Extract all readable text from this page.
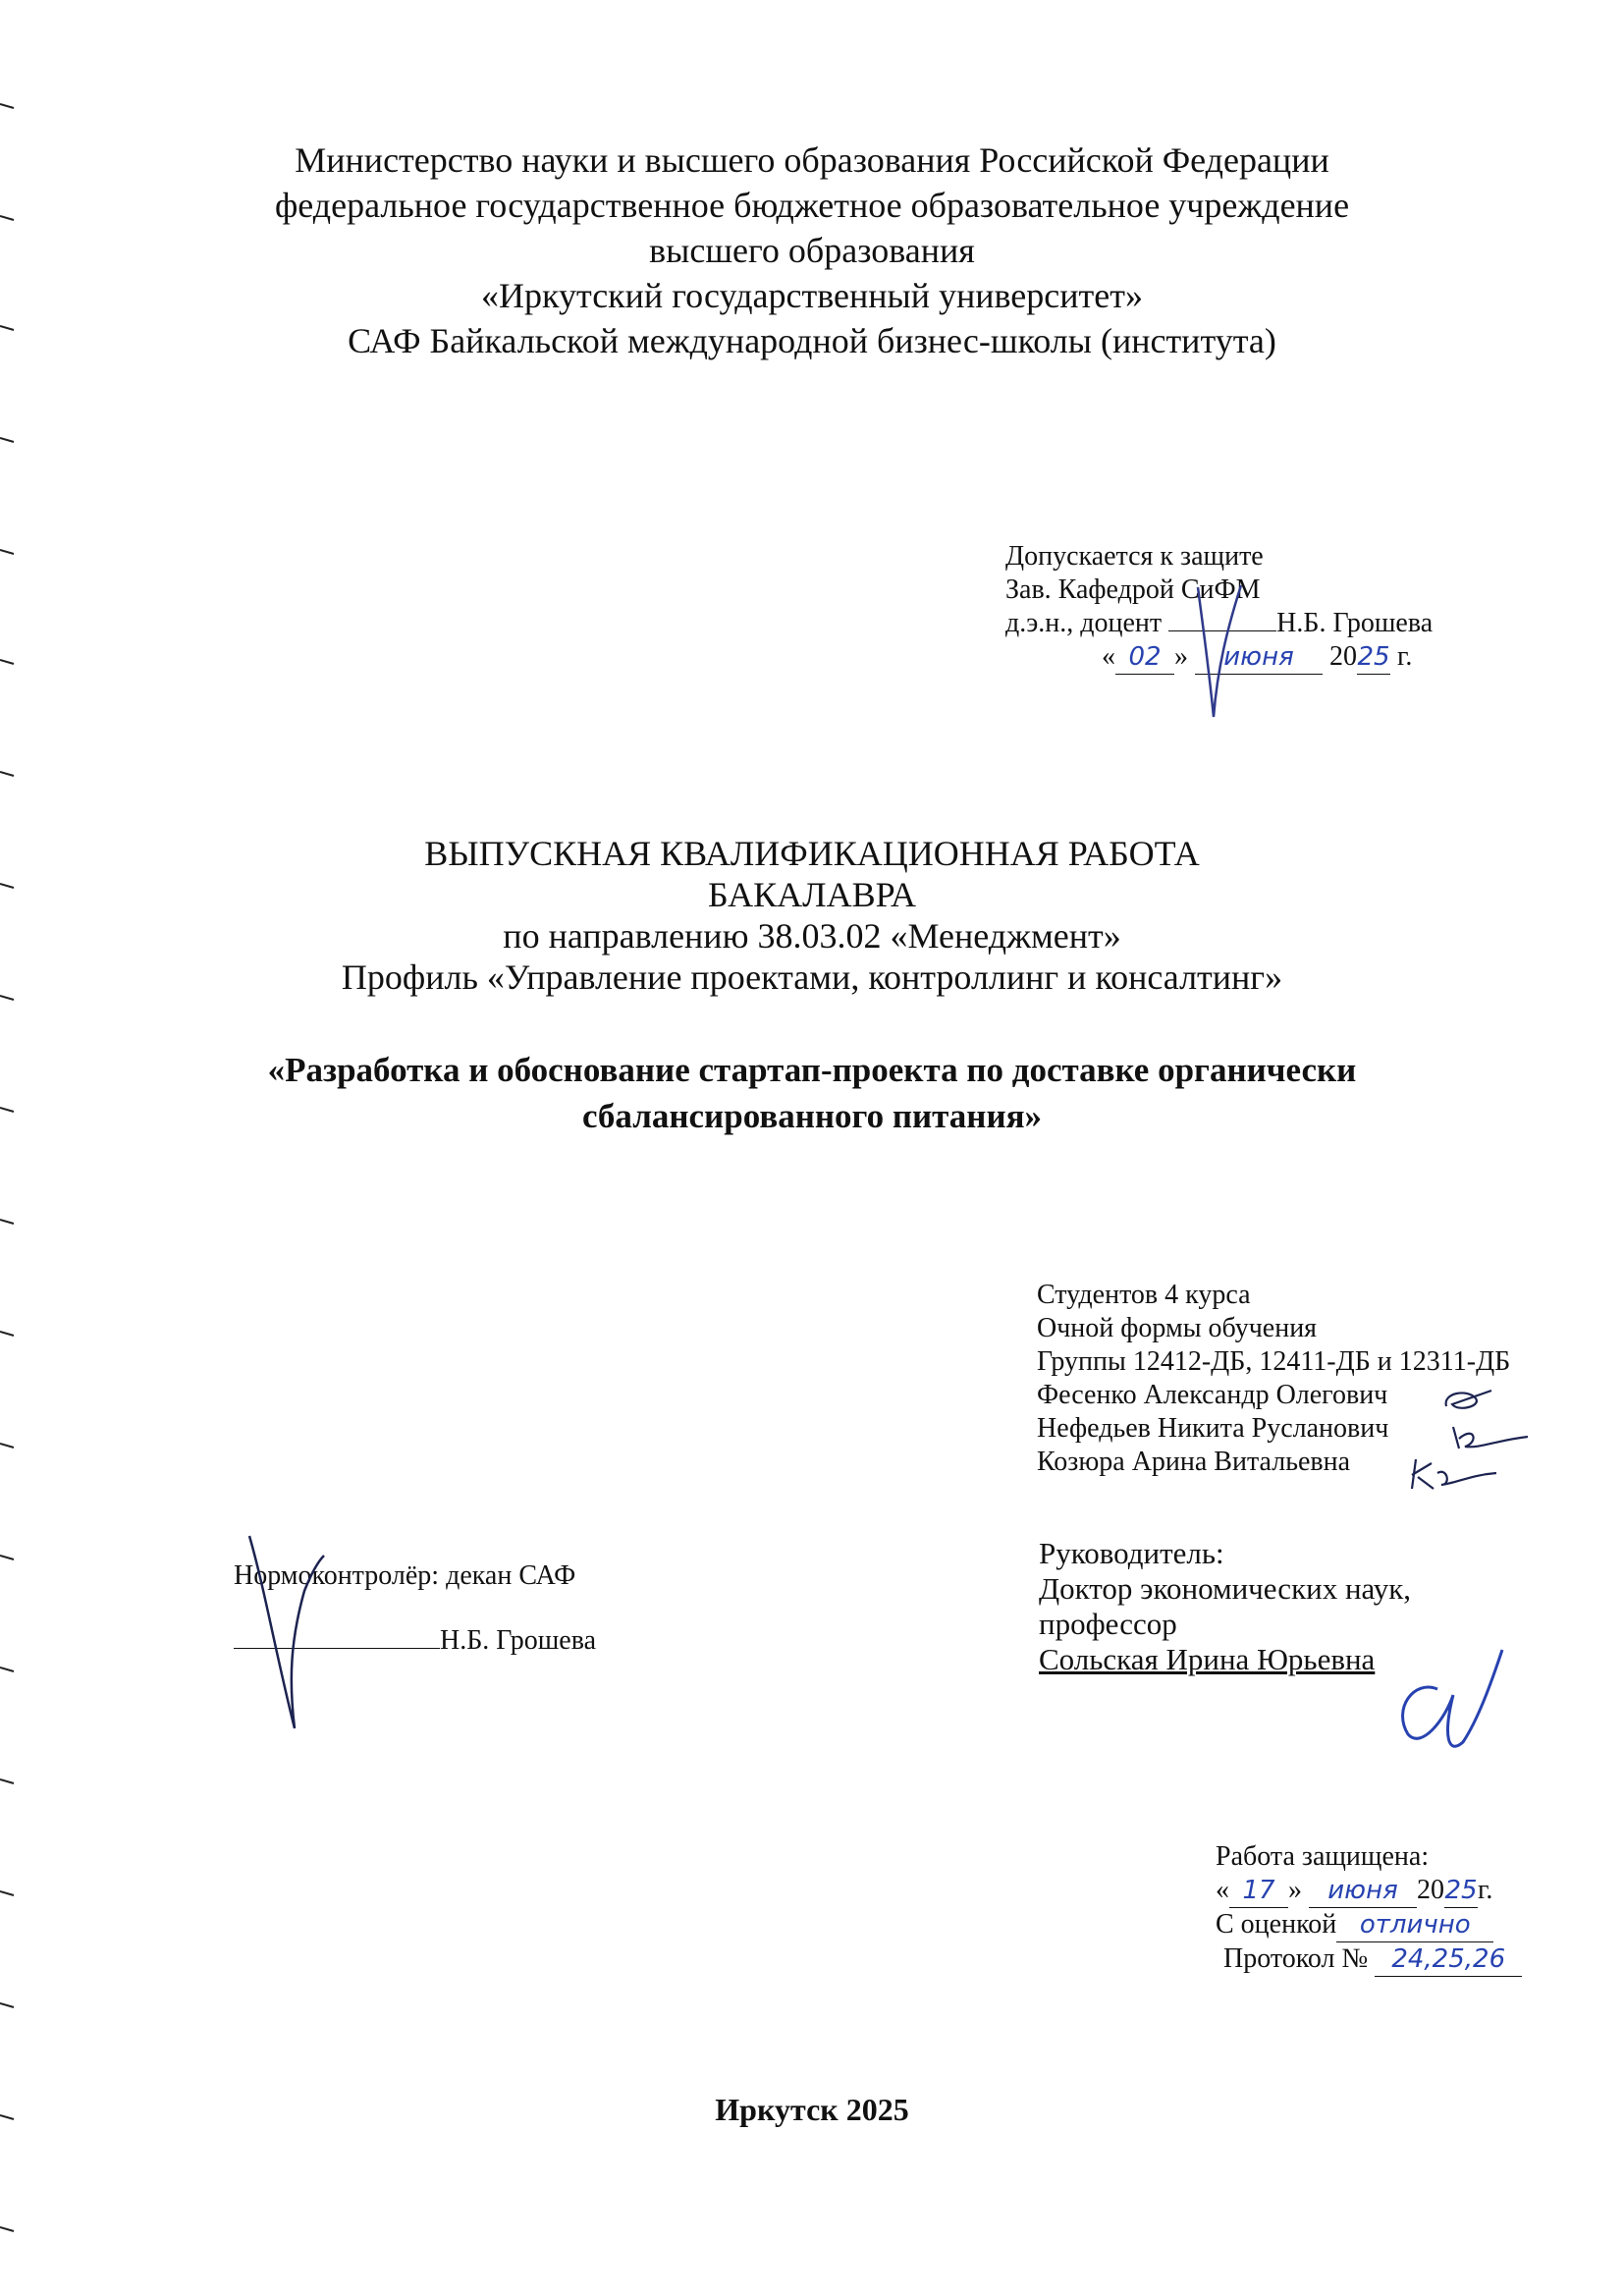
Министерство науки и высшего образования Российской Федерации
федеральное государственное бюджетное образовательное учреждение
высшего образования
«Иркутский государственный университет»
САФ Байкальской международной бизнес-школы (института)
Допускается к защите
Зав. Кафедрой СиФМ
д.э.н., доцент	Н.Б. Грошева
« 02 » июня 2025 г.
ВЫПУСКНАЯ КВАЛИФИКАЦИОННАЯ РАБОТА
БАКАЛАВРА
по направлению 38.03.02 «Менеджмент»
Профиль «Управление проектами, контроллинг и консалтинг»
«Разработка и обоснование стартап-проекта по доставке органически
сбалансированного питания»
Студентов 4 курса
Очной формы обучения
Группы 12412-ДБ, 12411-ДБ и 12311-ДБ
Фесенко Александр Олегович
Нефедьев Никита Русланович
Козюра Арина Витальевна
Нормоконтролёр: декан САФ
Н.Б. Грошева
Руководитель:
Доктор экономических наук,
профессор
Сольская Ирина Юрьевна
Работа защищена:
« 17 » июня 2025г.
С оценкой отлично
Протокол № 24,25,26
Иркутск 2025
